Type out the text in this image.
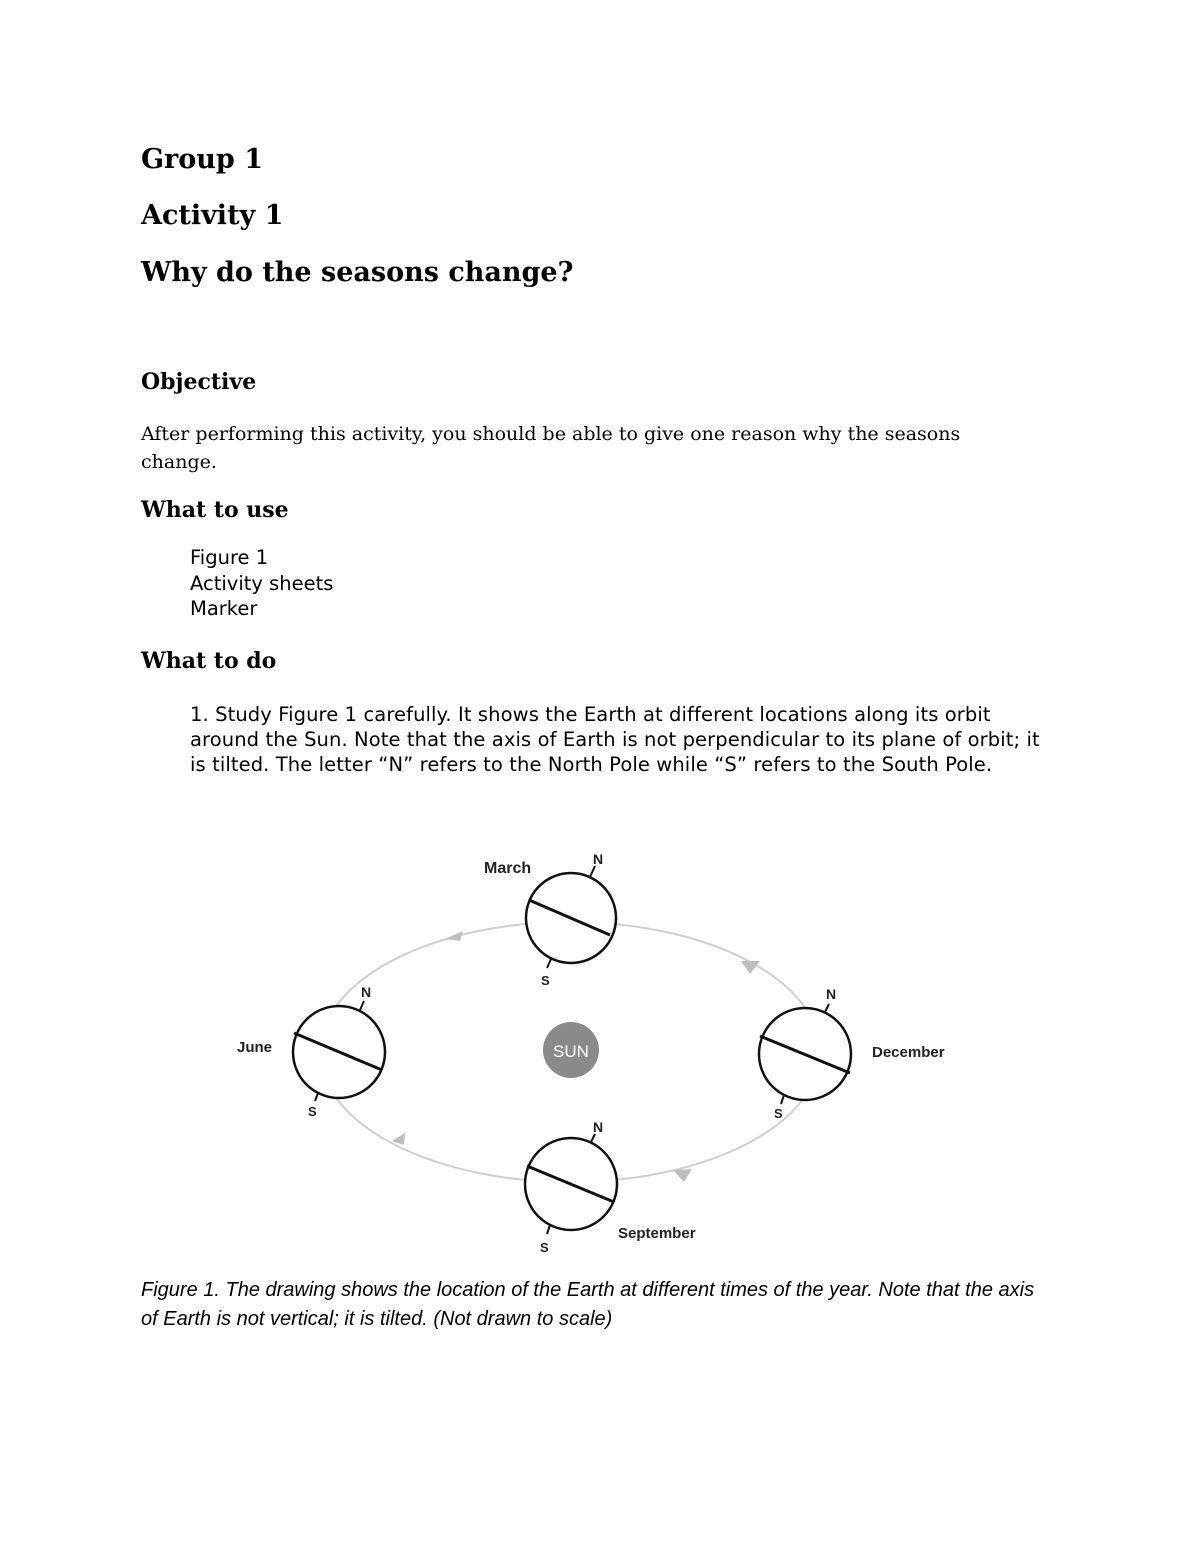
Group 1
Activity 1
Why do the seasons change?
Objective

After performing this activity, you should be able to give one reason why the seasons change.

What to use
Figure 1
Activity sheets
Marker
What to do

1. Study Figure 1 carefully. It shows the Earth at different locations along its orbit around the Sun. Note that the axis of Earth is not perpendicular to its plane of orbit; it is tilted. The letter “N” refers to the North Pole while “S” refers to the South Pole.

SUN
March
N
S
June
N
S
December
N
S
September
N
S

Figure 1. The drawing shows the location of the Earth at different times of the year. Note that the axis of Earth is not vertical; it is tilted. (Not drawn to scale)
